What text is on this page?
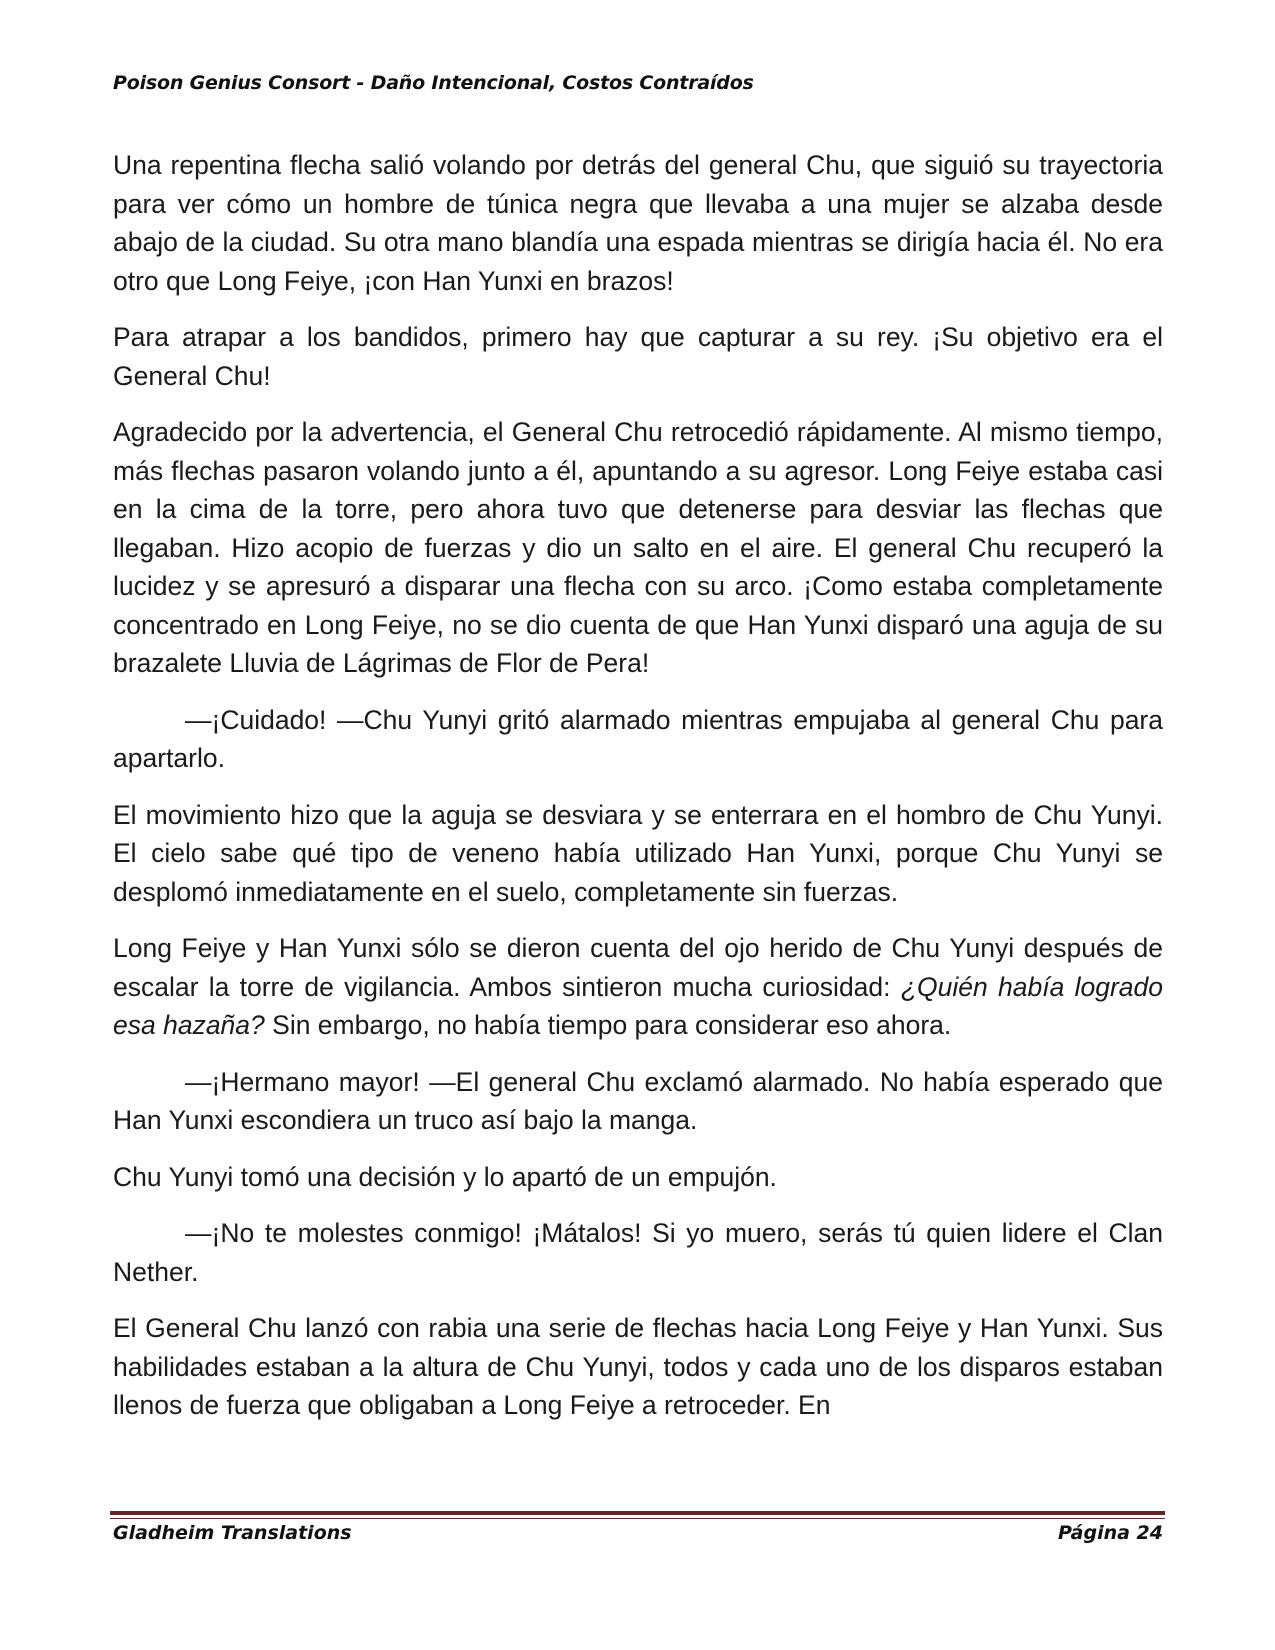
Poison Genius Consort - Daño Intencional, Costos Contraídos

Una repentina flecha salió volando por detrás del general Chu, que siguió su trayectoria para ver cómo un hombre de túnica negra que llevaba a una mujer se alzaba desde abajo de la ciudad. Su otra mano blandía una espada mientras se dirigía hacia él. No era otro que Long Feiye, ¡con Han Yunxi en brazos!

Para atrapar a los bandidos, primero hay que capturar a su rey. ¡Su objetivo era el General Chu!

Agradecido por la advertencia, el General Chu retrocedió rápidamente. Al mismo tiempo, más flechas pasaron volando junto a él, apuntando a su agresor. Long Feiye estaba casi en la cima de la torre, pero ahora tuvo que detenerse para desviar las flechas que llegaban. Hizo acopio de fuerzas y dio un salto en el aire. El general Chu recuperó la lucidez y se apresuró a disparar una flecha con su arco. ¡Como estaba completamente concentrado en Long Feiye, no se dio cuenta de que Han Yunxi disparó una aguja de su brazalete Lluvia de Lágrimas de Flor de Pera!

—¡Cuidado! —Chu Yunyi gritó alarmado mientras empujaba al general Chu para apartarlo.

El movimiento hizo que la aguja se desviara y se enterrara en el hombro de Chu Yunyi. El cielo sabe qué tipo de veneno había utilizado Han Yunxi, porque Chu Yunyi se desplomó inmediatamente en el suelo, completamente sin fuerzas.

Long Feiye y Han Yunxi sólo se dieron cuenta del ojo herido de Chu Yunyi después de escalar la torre de vigilancia. Ambos sintieron mucha curiosidad: ¿Quién había logrado esa hazaña? Sin embargo, no había tiempo para considerar eso ahora.

—¡Hermano mayor! —El general Chu exclamó alarmado. No había esperado que Han Yunxi escondiera un truco así bajo la manga.

Chu Yunyi tomó una decisión y lo apartó de un empujón.

—¡No te molestes conmigo! ¡Mátalos! Si yo muero, serás tú quien lidere el Clan Nether.

El General Chu lanzó con rabia una serie de flechas hacia Long Feiye y Han Yunxi. Sus habilidades estaban a la altura de Chu Yunyi, todos y cada uno de los disparos estaban llenos de fuerza que obligaban a Long Feiye a retroceder. En

Gladheim Translations	Página 24
